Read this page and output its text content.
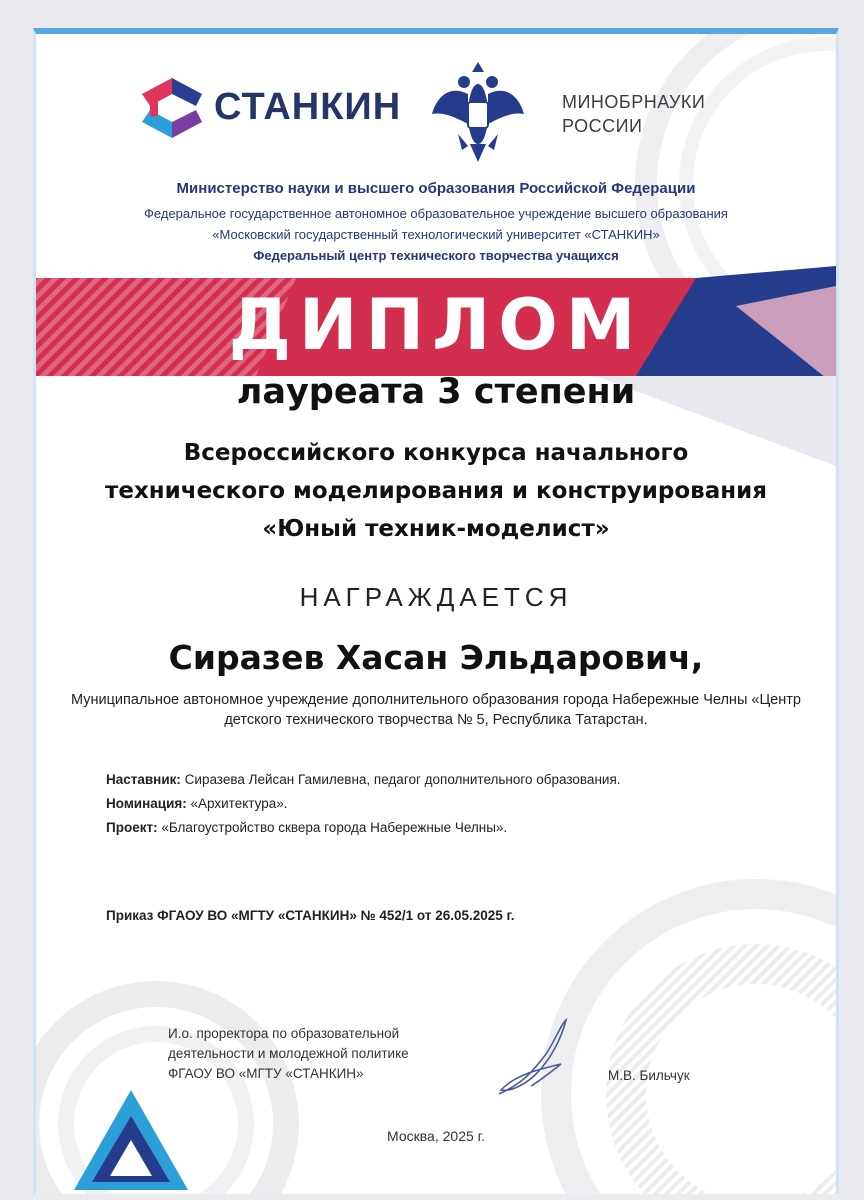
СТАНКИН	МИНОБРНАУКИ
РОССИИ
Министерство науки и высшего образования Российской Федерации
Федеральное государственное автономное образовательное учреждение высшего образования
«Московский государственный технологический университет «СТАНКИН»
Федеральный центр технического творчества учащихся
ДИПЛОМ
лауреата 3 степени
Всероссийского конкурса начального
технического моделирования и конструирования
«Юный техник-моделист»
НАГРАЖДАЕТСЯ
Сиразев Хасан Эльдарович,
Муниципальное автономное учреждение дополнительного образования города Набережные Челны «Центр
детского технического творчества № 5, Республика Татарстан.
Наставник: Сиразева Лейсан Гамилевна, педагог дополнительного образования.
Номинация: «Архитектура».
Проект: «Благоустройство сквера города Набережные Челны».
Приказ ФГАОУ ВО «МГТУ «СТАНКИН» № 452/1 от 26.05.2025 г.
И.о. проректора по образовательной
деятельности и молодежной политике
ФГАОУ ВО «МГТУ «СТАНКИН»	М.В. Бильчук
Москва, 2025 г.
